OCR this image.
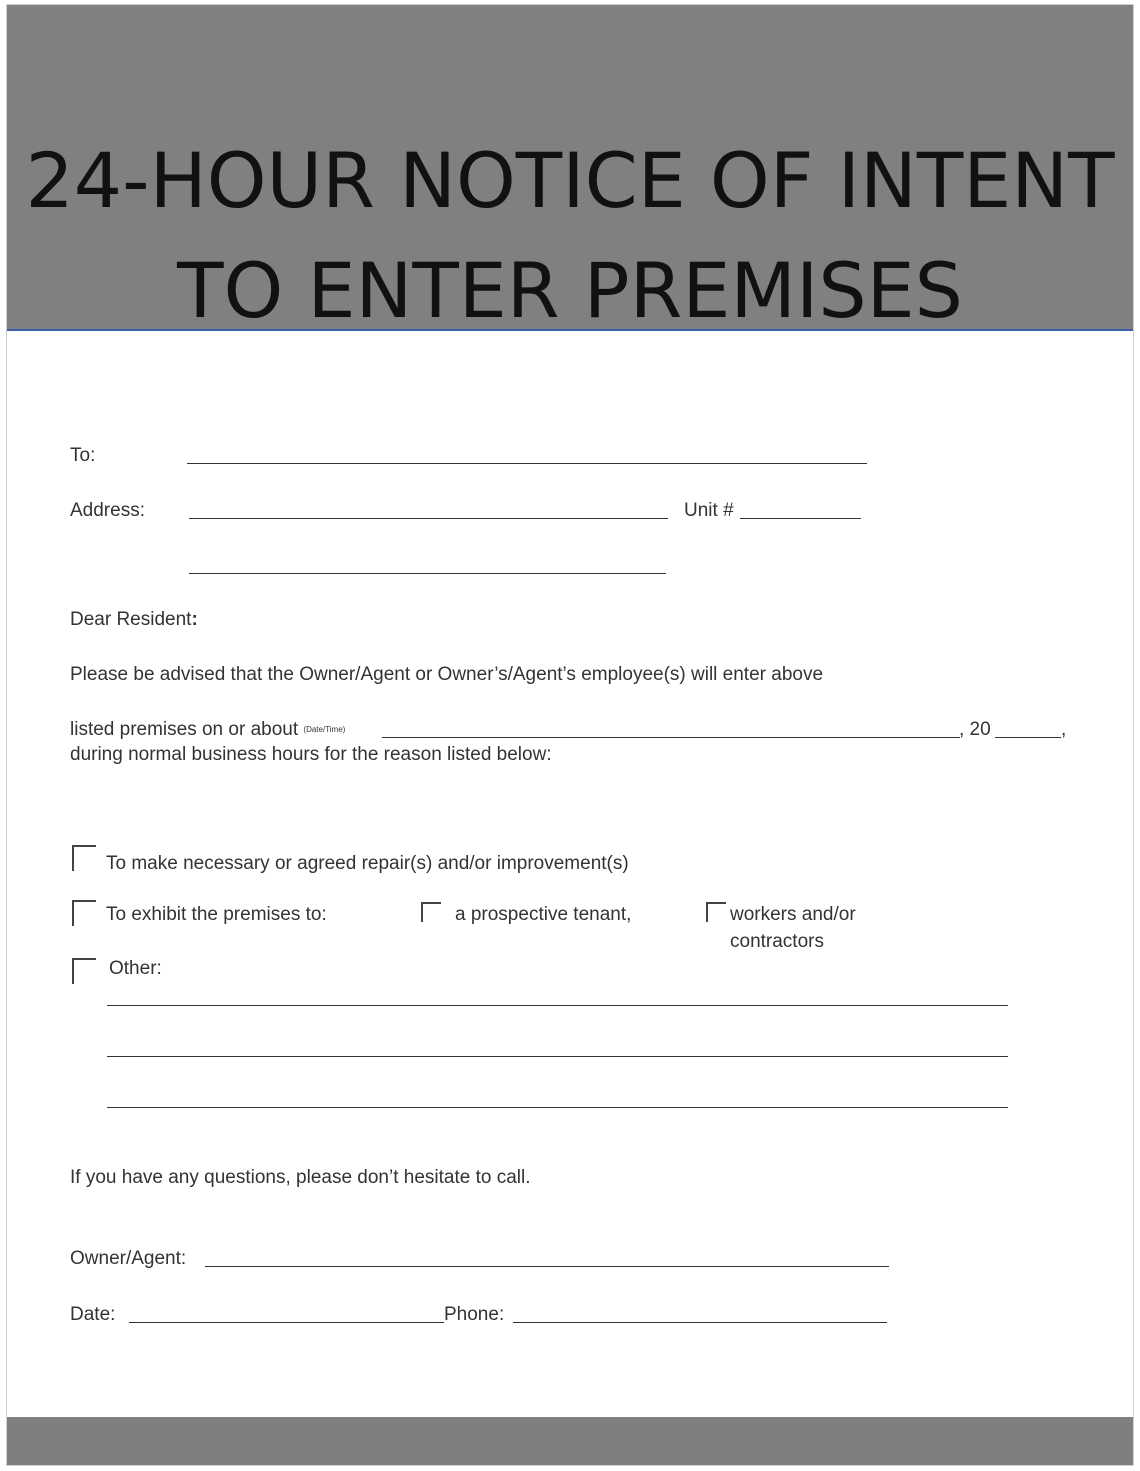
24-HOUR NOTICE OF INTENT
TO ENTER PREMISES
To:
Address:	Unit #
Dear Resident:
Please be advised that the Owner/Agent or Owner’s/Agent’s employee(s) will enter above
listed premises on or about (Date/Time)	, 20	,
during normal business hours for the reason listed below:
To make necessary or agreed repair(s) and/or improvement(s)
To exhibit the premises to:	a prospective tenant,	workers and/or
contractors
Other:
If you have any questions, please don’t hesitate to call.
Owner/Agent:
Date:	Phone:
